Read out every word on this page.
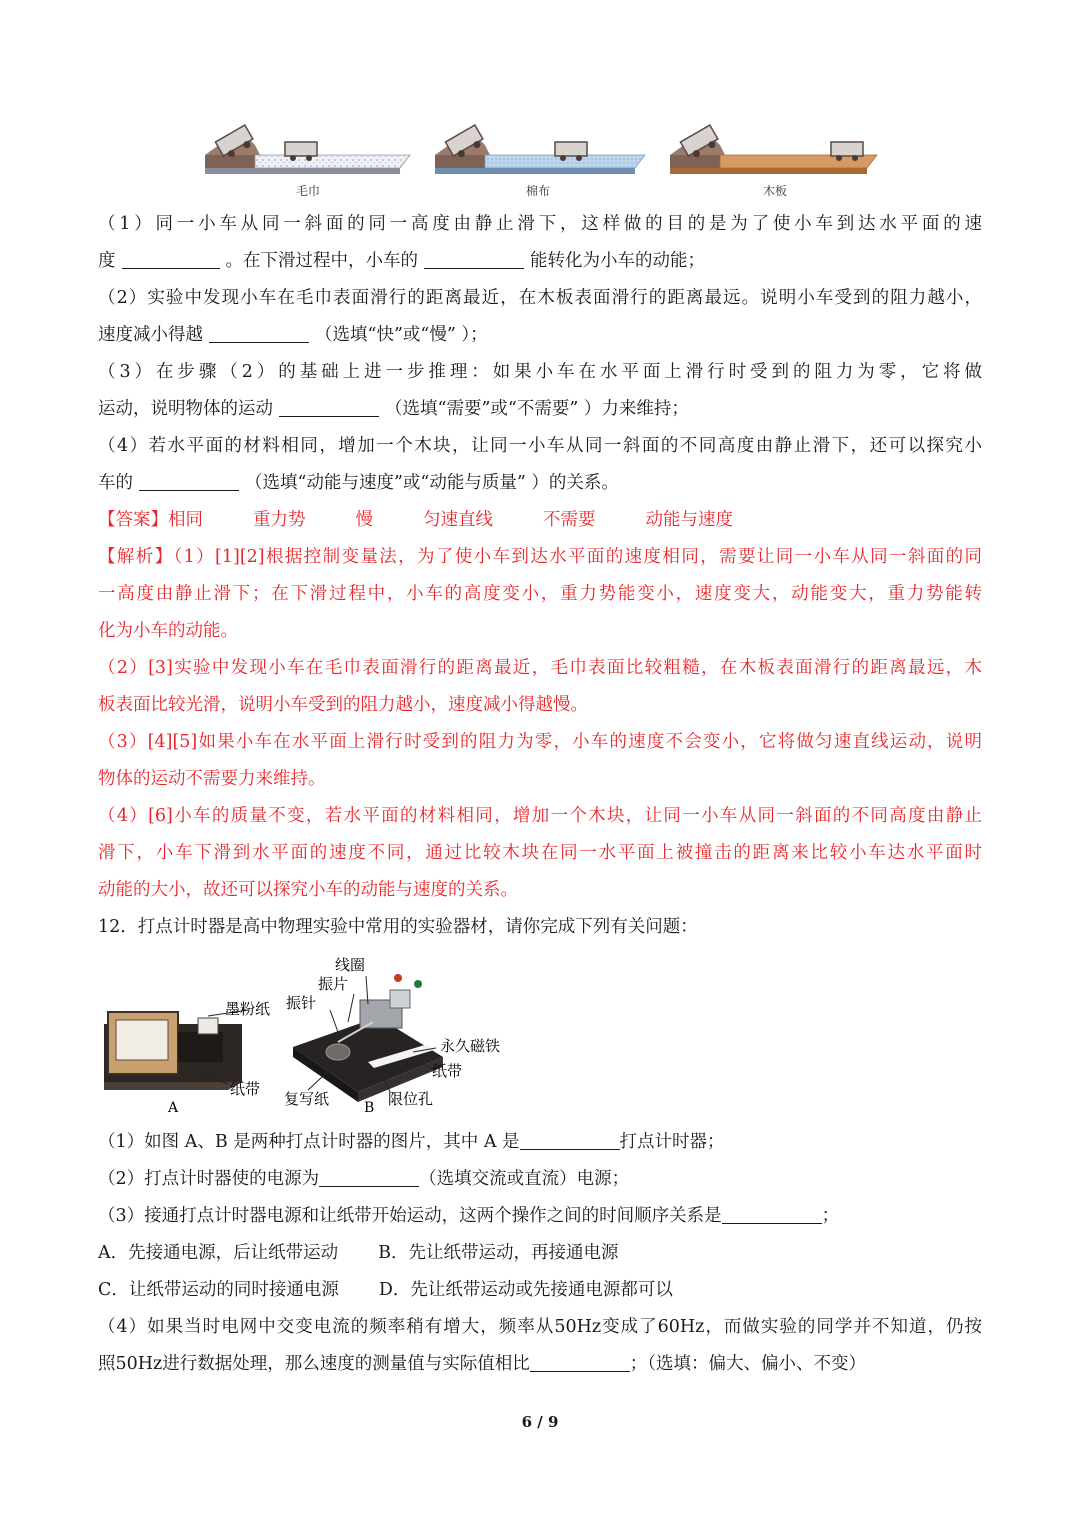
毛巾	棉布	木板
（1）同一小车从同一斜面的同一高度由静止滑下，这样做的目的是为了使小车到达水平面的速
度	。在下滑过程中，小车的	能转化为小车的动能；
（2）实验中发现小车在毛巾表面滑行的距离最近，在木板表面滑行的距离最远。说明小车受到的阻力越小，
速度减小得越	（选填“快”或“慢” ）；
（3）在步骤（2）的基础上进一步推理：如果小车在水平面上滑行时受到的阻力为零，它将做
运动，说明物体的运动	（选填“需要”或“不需要” ）力来维持；
（4）若水平面的材料相同，增加一个木块，让同一小车从同一斜面的不同高度由静止滑下，还可以探究小
车的	（选填“动能与速度”或“动能与质量” ）的关系。
【答案】相同	重力势	慢	匀速直线	不需要	动能与速度
【解析】（1）[1][2]根据控制变量法，为了使小车到达水平面的速度相同，需要让同一小车从同一斜面的同
一高度由静止滑下；在下滑过程中，小车的高度变小，重力势能变小，速度变大，动能变大，重力势能转
化为小车的动能。
（2）[3]实验中发现小车在毛巾表面滑行的距离最近，毛巾表面比较粗糙，在木板表面滑行的距离最远，木
板表面比较光滑，说明小车受到的阻力越小，速度减小得越慢。
（3）[4][5]如果小车在水平面上滑行时受到的阻力为零，小车的速度不会变小，它将做匀速直线运动，说明
物体的运动不需要力来维持。
（4）[6]小车的质量不变，若水平面的材料相同，增加一个木块，让同一小车从同一斜面的不同高度由静止
滑下，小车下滑到水平面的速度不同，通过比较木块在同一水平面上被撞击的距离来比较小车达水平面时
动能的大小，故还可以探究小车的动能与速度的关系。
12．打点计时器是高中物理实验中常用的实验器材，请你完成下列有关问题：
线圈
振片
振针
墨粉纸
永久磁铁
纸带
纸带
复写纸	限位孔
A	B
（1）如图 A、B 是两种打点计时器的图片，其中 A 是	打点计时器；
（2）打点计时器使的电源为	（选填交流或直流）电源；
（3）接通打点计时器电源和让纸带开始运动，这两个操作之间的时间顺序关系是	；
A．先接通电源，后让纸带运动 B．先让纸带运动，再接通电源
C．让纸带运动的同时接通电源 D．先让纸带运动或先接通电源都可以
（4）如果当时电网中交变电流的频率稍有增大，频率从50Hz变成了60Hz，而做实验的同学并不知道，仍按
照50Hz进行数据处理，那么速度的测量值与实际值相比	；（选填：偏大、偏小、不变）
6 / 9
